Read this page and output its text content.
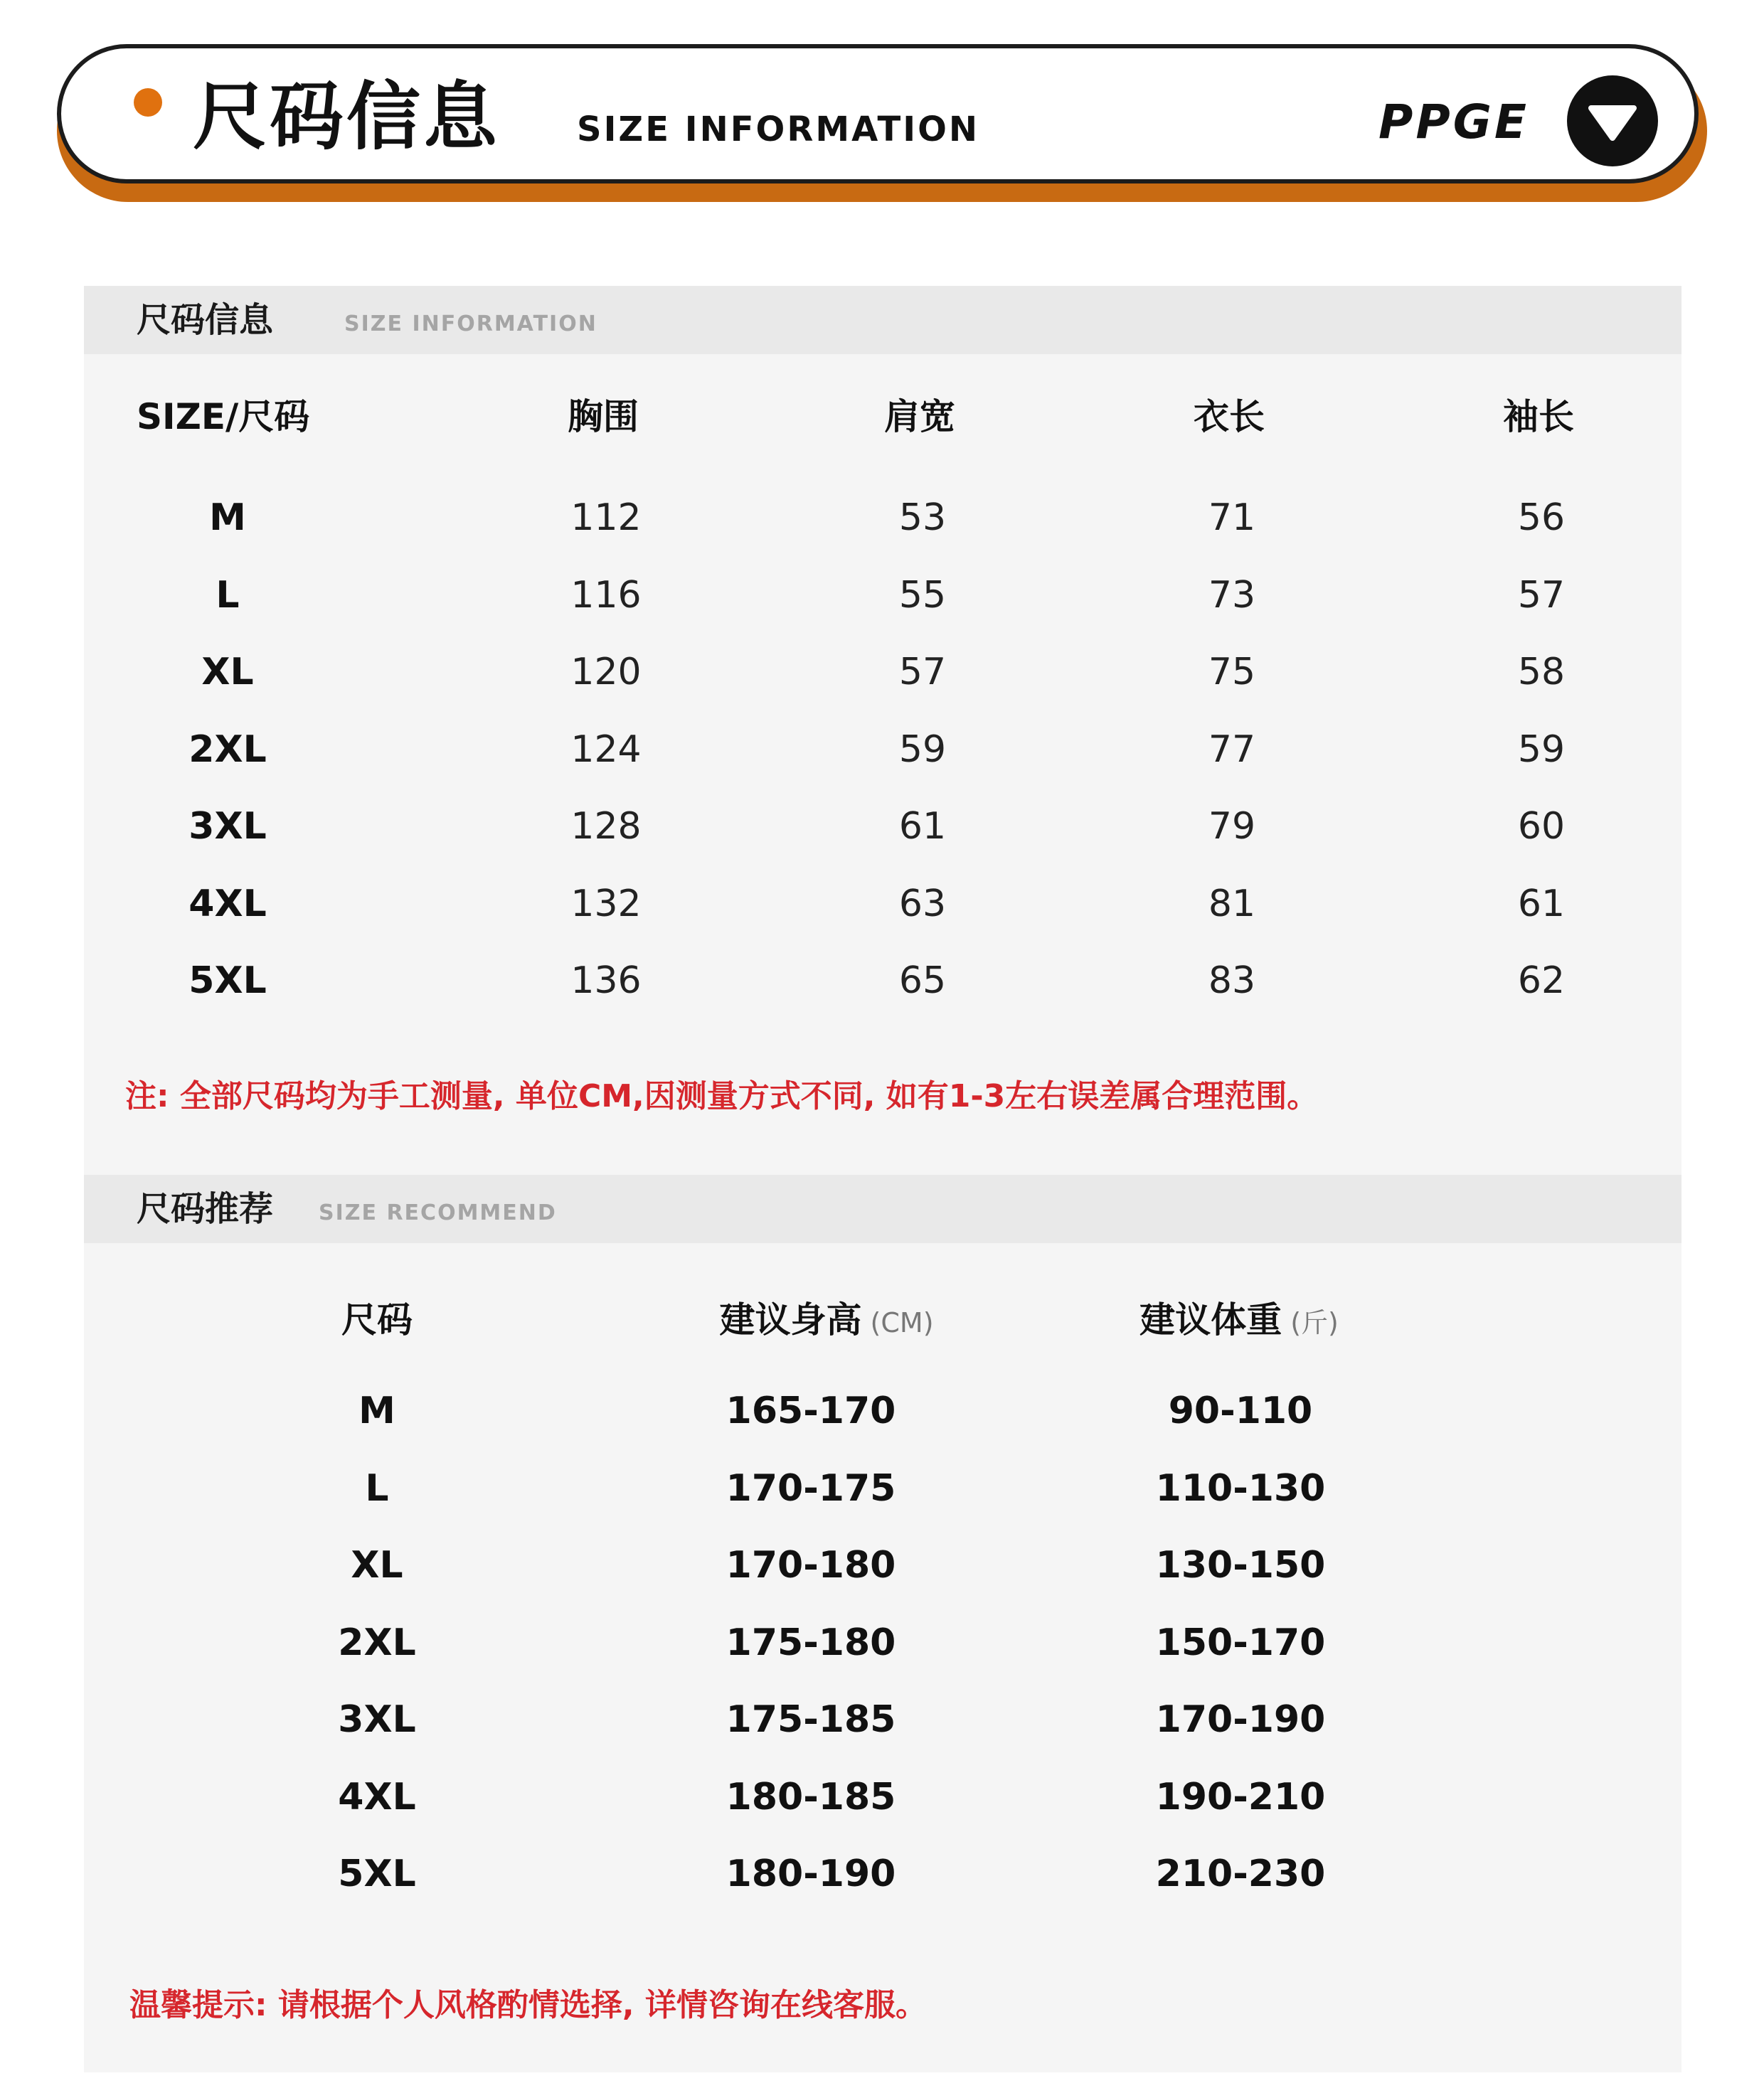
尺码信息 SIZE INFORMATION	PPGE
尺码信息	SIZE INFORMATION
SIZE/尺码	胸围	肩宽	衣长	袖长
M	112	53	71	56
L	116	55	73	57
XL	120	57	75	58
2XL	124	59	77	59
3XL	128	61	79	60
4XL	132	63	81	61
5XL	136	65	83	62
注: 全部尺码均为手工测量, 单位CM,因测量方式不同, 如有1-3左右误差属合理范围。
尺码推荐 SIZE RECOMMEND
尺码	建议身高 (CM)	建议体重 (斤)
M	165-170	90-110
L	170-175	110-130
XL	170-180	130-150
2XL	175-180	150-170
3XL	175-185	170-190
4XL	180-185	190-210
5XL	180-190	210-230
温馨提示: 请根据个人风格酌情选择, 详情咨询在线客服。
